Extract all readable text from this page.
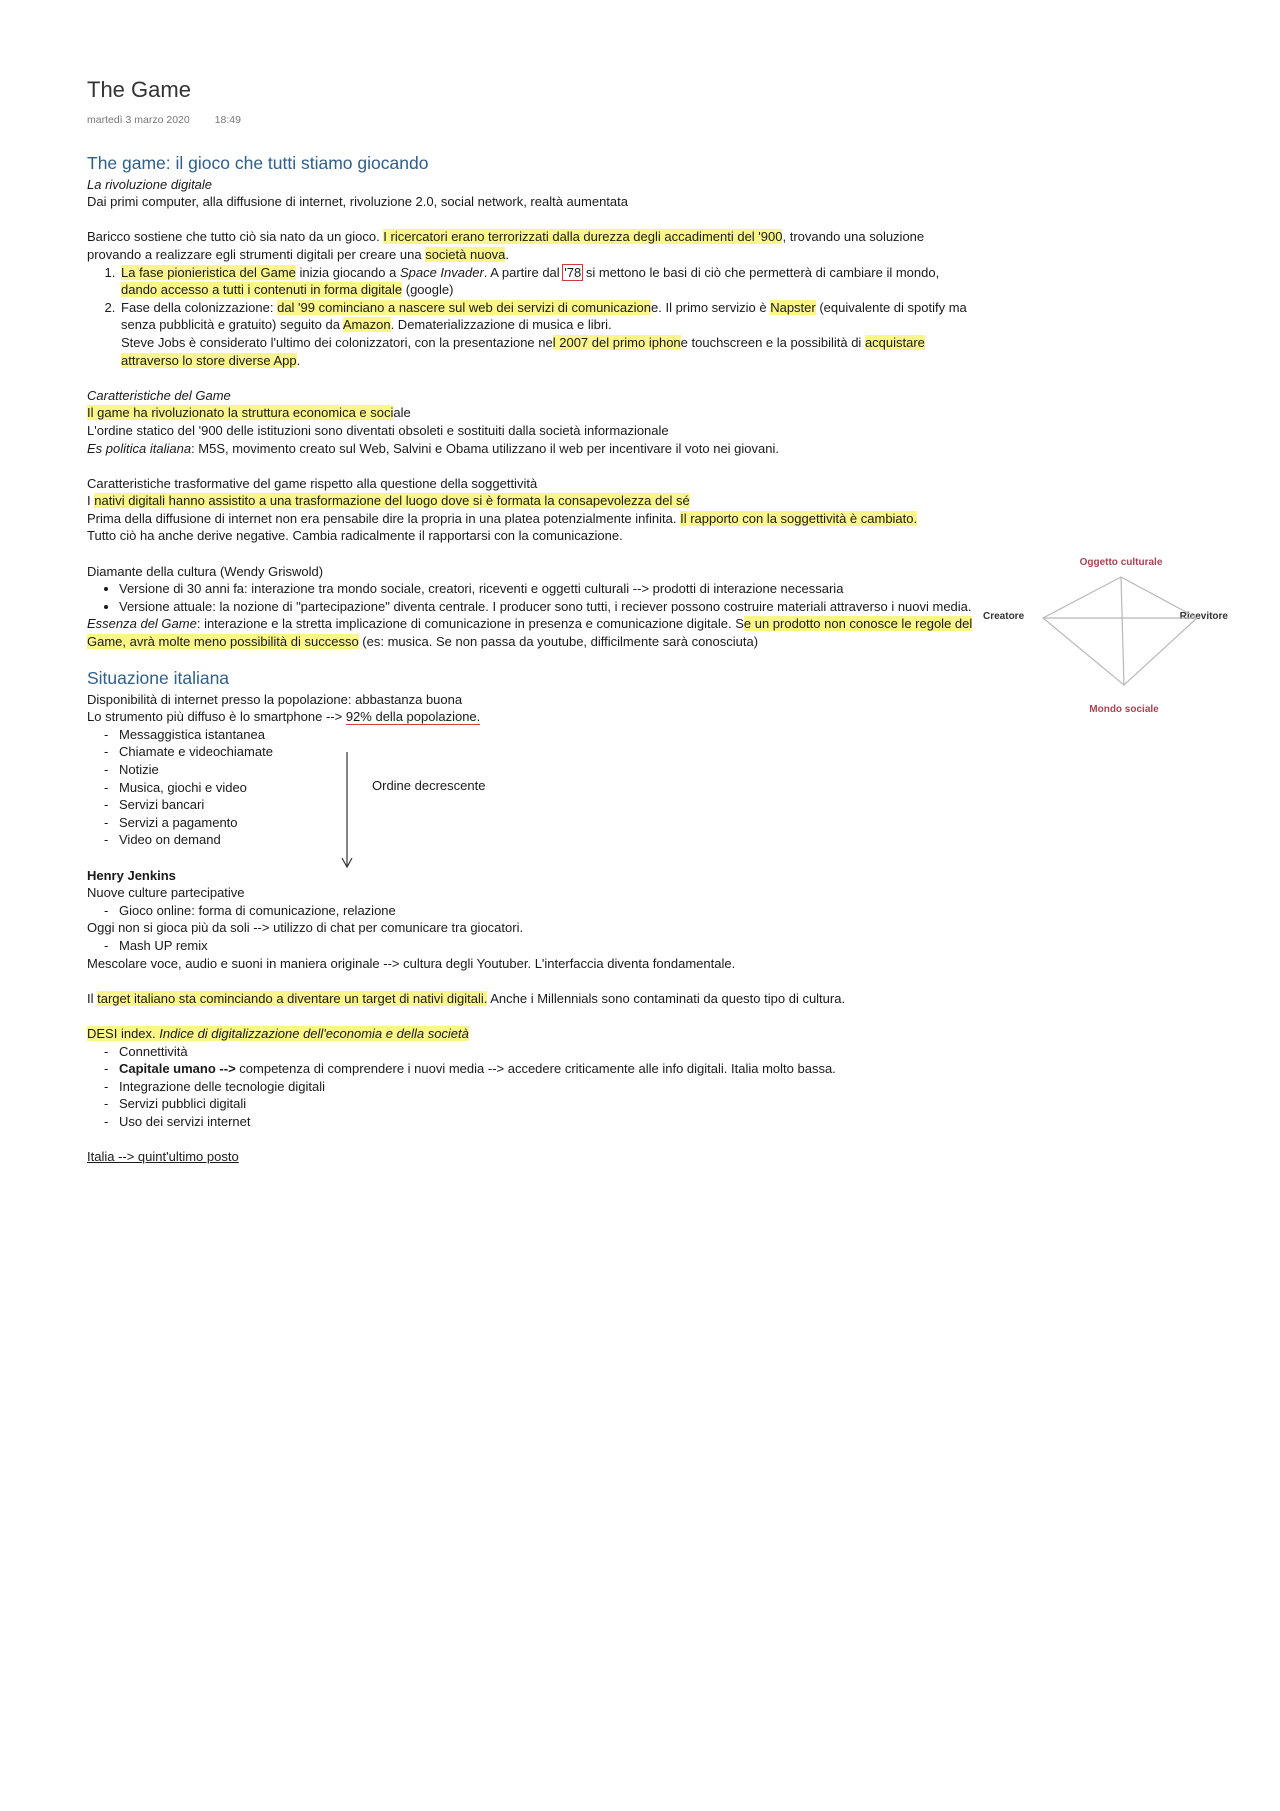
The Game
martedì 3 marzo 2020 18:49
The game: il gioco che tutti stiamo giocando

La rivoluzione digitale

Dai primi computer, alla diffusione di internet, rivoluzione 2.0, social network, realtà aumentata

Baricco sostiene che tutto ciò sia nato da un gioco. I ricercatori erano terrorizzati dalla durezza degli accadimenti del '900, trovando una soluzione provando a realizzare egli strumenti digitali per creare una società nuova.

1. La fase pionieristica del Game inizia giocando a Space Invader. A partire dal '78 si mettono le basi di ciò che permetterà di cambiare il mondo, dando accesso a tutti i contenuti in forma digitale (google)
2. Fase della colonizzazione: dal '99 cominciano a nascere sul web dei servizi di comunicazione. Il primo servizio è Napster (equivalente di spotify ma senza pubblicità e gratuito) seguito da Amazon. Dematerializzazione di musica e libri.
Steve Jobs è considerato l'ultimo dei colonizzatori, con la presentazione nel 2007 del primo iphone touchscreen e la possibilità di acquistare attraverso lo store diverse App.

Caratteristiche del Game

Il game ha rivoluzionato la struttura economica e sociale

L'ordine statico del '900 delle istituzioni sono diventati obsoleti e sostituiti dalla società informazionale

Es politica italiana: M5S, movimento creato sul Web, Salvini e Obama utilizzano il web per incentivare il voto nei giovani.

Caratteristiche trasformative del game rispetto alla questione della soggettività

I nativi digitali hanno assistito a una trasformazione del luogo dove si è formata la consapevolezza del sé

Prima della diffusione di internet non era pensabile dire la propria in una platea potenzialmente infinita. Il rapporto con la soggettività è cambiato.

Tutto ciò ha anche derive negative. Cambia radicalmente il rapportarsi con la comunicazione.

Diamante della cultura (Wendy Griswold)

• Versione di 30 anni fa: interazione tra mondo sociale, creatori, riceventi e oggetti culturali --> prodotti di interazione necessaria
• Versione attuale: la nozione di "partecipazione" diventa centrale. I producer sono tutti, i reciever possono costruire materiali attraverso i nuovi media.

Essenza del Game: interazione e la stretta implicazione di comunicazione in presenza e comunicazione digitale. Se un prodotto non conosce le regole del Game, avrà molte meno possibilità di successo (es: musica. Se non passa da youtube, difficilmente sarà conosciuta)

Situazione italiana

Disponibilità di internet presso la popolazione: abbastanza buona

Lo strumento più diffuso è lo smartphone --> 92% della popolazione.

- Messaggistica istantanea
- Chiamate e videochiamate
- Notizie
- Musica, giochi e video
- Servizi bancari
- Servizi a pagamento
- Video on demand

Henry Jenkins

Nuove culture partecipative

- Gioco online: forma di comunicazione, relazione

Oggi non si gioca più da soli --> utilizzo di chat per comunicare tra giocatori.

- Mash UP remix

Mescolare voce, audio e suoni in maniera originale --> cultura degli Youtuber. L'interfaccia diventa fondamentale.

Il target italiano sta cominciando a diventare un target di nativi digitali. Anche i Millennials sono contaminati da questo tipo di cultura.

DESI index. Indice di digitalizzazione dell'economia e della società

- Connettività
- Capitale umano --> competenza di comprendere i nuovi media --> accedere criticamente alle info digitali. Italia molto bassa.
- Integrazione delle tecnologie digitali
- Servizi pubblici digitali
- Uso dei servizi internet

Italia --> quint'ultimo posto

Oggetto culturale
Creatore	Ricevitore
Mondo sociale
Ordine decrescente
